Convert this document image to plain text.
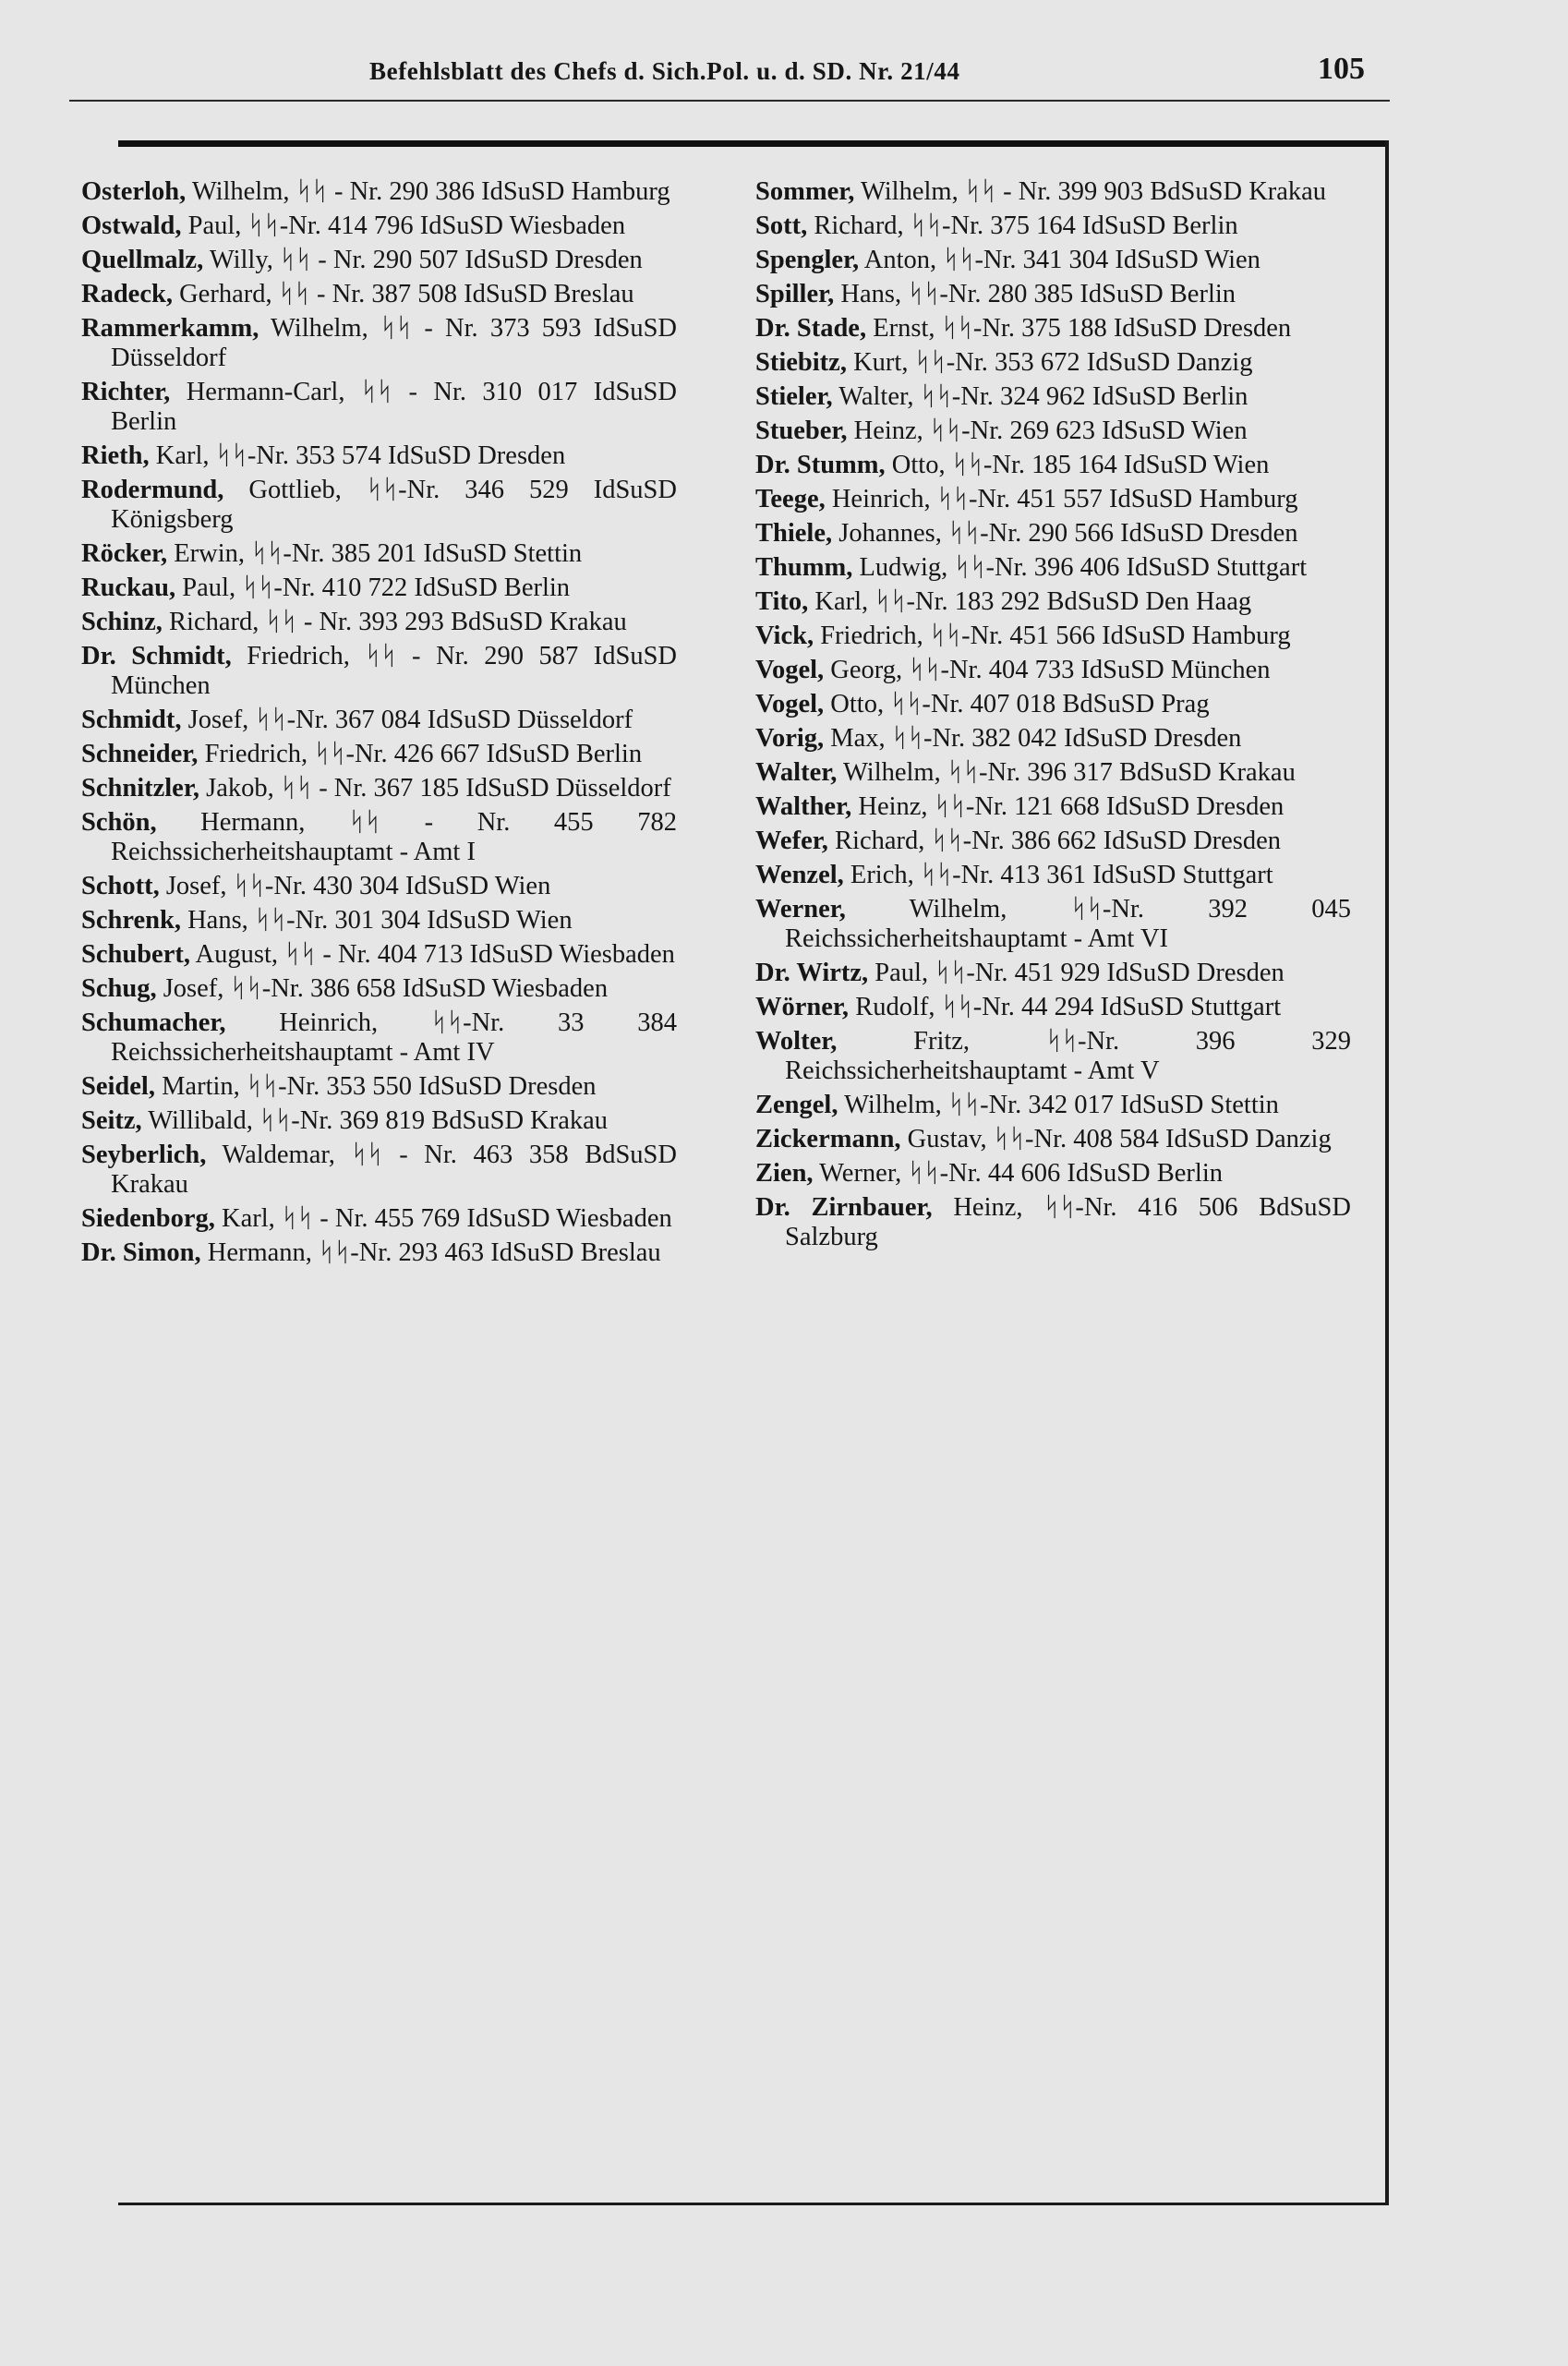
Befehlsblatt des Chefs d. Sich.Pol. u. d. SD. Nr. 21/44	105
Osterloh, Wilhelm, ᛋᛋ - Nr. 290 386 IdSuSD Hamburg
Ostwald, Paul, ᛋᛋ-Nr. 414 796 IdSuSD Wiesbaden
Quellmalz, Willy, ᛋᛋ - Nr. 290 507 IdSuSD Dresden
Radeck, Gerhard, ᛋᛋ - Nr. 387 508 IdSuSD Breslau
Rammerkamm, Wilhelm, ᛋᛋ - Nr. 373 593 IdSuSD Düsseldorf
Richter, Hermann-Carl, ᛋᛋ - Nr. 310 017 IdSuSD Berlin
Rieth, Karl, ᛋᛋ-Nr. 353 574 IdSuSD Dresden
Rodermund, Gottlieb, ᛋᛋ-Nr. 346 529 IdSuSD Königsberg
Röcker, Erwin, ᛋᛋ-Nr. 385 201 IdSuSD Stettin
Ruckau, Paul, ᛋᛋ-Nr. 410 722 IdSuSD Berlin
Schinz, Richard, ᛋᛋ - Nr. 393 293 BdSuSD Krakau
Dr. Schmidt, Friedrich, ᛋᛋ - Nr. 290 587 IdSuSD München
Schmidt, Josef, ᛋᛋ-Nr. 367 084 IdSuSD Düsseldorf
Schneider, Friedrich, ᛋᛋ-Nr. 426 667 IdSuSD Berlin
Schnitzler, Jakob, ᛋᛋ - Nr. 367 185 IdSuSD Düsseldorf
Schön, Hermann, ᛋᛋ - Nr. 455 782 Reichssicherheitshauptamt - Amt I
Schott, Josef, ᛋᛋ-Nr. 430 304 IdSuSD Wien
Schrenk, Hans, ᛋᛋ-Nr. 301 304 IdSuSD Wien
Schubert, August, ᛋᛋ - Nr. 404 713 IdSuSD Wiesbaden
Schug, Josef, ᛋᛋ-Nr. 386 658 IdSuSD Wiesbaden
Schumacher, Heinrich, ᛋᛋ-Nr. 33 384 Reichssicherheitshauptamt - Amt IV
Seidel, Martin, ᛋᛋ-Nr. 353 550 IdSuSD Dresden
Seitz, Willibald, ᛋᛋ-Nr. 369 819 BdSuSD Krakau
Seyberlich, Waldemar, ᛋᛋ - Nr. 463 358 BdSuSD Krakau
Siedenborg, Karl, ᛋᛋ - Nr. 455 769 IdSuSD Wiesbaden
Dr. Simon, Hermann, ᛋᛋ-Nr. 293 463 IdSuSD Breslau
Sommer, Wilhelm, ᛋᛋ - Nr. 399 903 BdSuSD Krakau
Sott, Richard, ᛋᛋ-Nr. 375 164 IdSuSD Berlin
Spengler, Anton, ᛋᛋ-Nr. 341 304 IdSuSD Wien
Spiller, Hans, ᛋᛋ-Nr. 280 385 IdSuSD Berlin
Dr. Stade, Ernst, ᛋᛋ-Nr. 375 188 IdSuSD Dresden
Stiebitz, Kurt, ᛋᛋ-Nr. 353 672 IdSuSD Danzig
Stieler, Walter, ᛋᛋ-Nr. 324 962 IdSuSD Berlin
Stueber, Heinz, ᛋᛋ-Nr. 269 623 IdSuSD Wien
Dr. Stumm, Otto, ᛋᛋ-Nr. 185 164 IdSuSD Wien
Teege, Heinrich, ᛋᛋ-Nr. 451 557 IdSuSD Hamburg
Thiele, Johannes, ᛋᛋ-Nr. 290 566 IdSuSD Dresden
Thumm, Ludwig, ᛋᛋ-Nr. 396 406 IdSuSD Stuttgart
Tito, Karl, ᛋᛋ-Nr. 183 292 BdSuSD Den Haag
Vick, Friedrich, ᛋᛋ-Nr. 451 566 IdSuSD Hamburg
Vogel, Georg, ᛋᛋ-Nr. 404 733 IdSuSD München
Vogel, Otto, ᛋᛋ-Nr. 407 018 BdSuSD Prag
Vorig, Max, ᛋᛋ-Nr. 382 042 IdSuSD Dresden
Walter, Wilhelm, ᛋᛋ-Nr. 396 317 BdSuSD Krakau
Walther, Heinz, ᛋᛋ-Nr. 121 668 IdSuSD Dresden
Wefer, Richard, ᛋᛋ-Nr. 386 662 IdSuSD Dresden
Wenzel, Erich, ᛋᛋ-Nr. 413 361 IdSuSD Stuttgart
Werner, Wilhelm, ᛋᛋ-Nr. 392 045 Reichssicherheitshauptamt - Amt VI
Dr. Wirtz, Paul, ᛋᛋ-Nr. 451 929 IdSuSD Dresden
Wörner, Rudolf, ᛋᛋ-Nr. 44 294 IdSuSD Stuttgart
Wolter, Fritz, ᛋᛋ-Nr. 396 329 Reichssicherheitshauptamt - Amt V
Zengel, Wilhelm, ᛋᛋ-Nr. 342 017 IdSuSD Stettin
Zickermann, Gustav, ᛋᛋ-Nr. 408 584 IdSuSD Danzig
Zien, Werner, ᛋᛋ-Nr. 44 606 IdSuSD Berlin
Dr. Zirnbauer, Heinz, ᛋᛋ-Nr. 416 506 BdSuSD Salzburg
